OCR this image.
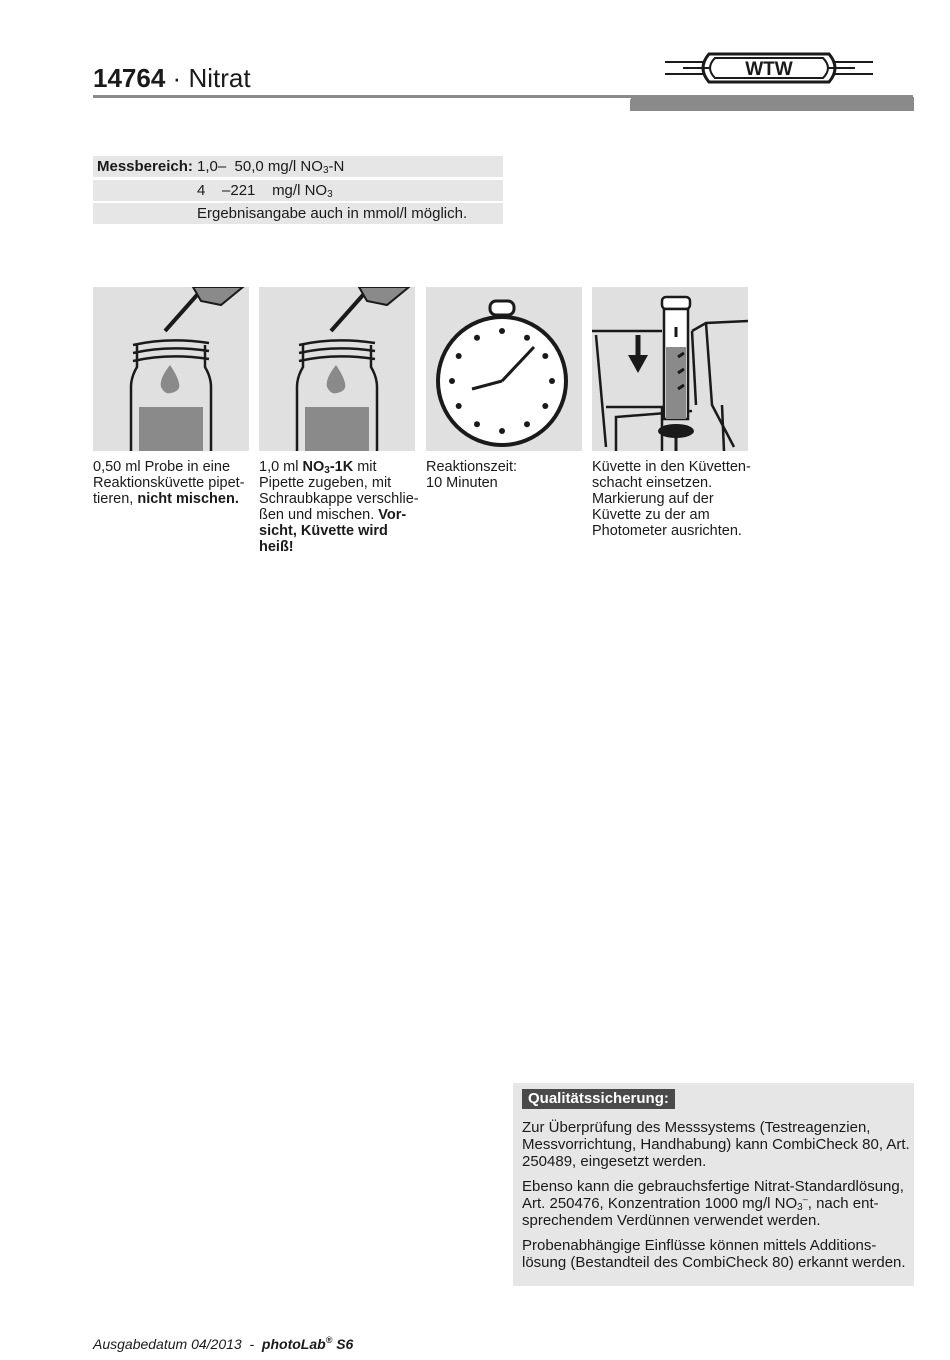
14764 · Nitrat	WTW
Messbereich: 1,0– 50,0 mg/l $NO_3-N$
4 –221 mg/l $NO_3$
Ergebnisangabe auch in mmol/l möglich.
0,50 ml Probe in eine Reaktionsküvette pipet-tieren, nicht mischen.
1,0 ml $NO_3-1K$ mit Pipette zugeben, mit Schraubkappe verschlie-ßen und mischen. Vor-sicht, Küvette wird heiß!
Reaktionszeit:
10 Minuten
Küvette in den Küvetten-schacht einsetzen. Markierung auf der Küvette zu der am Photometer ausrichten.
Qualitätssicherung:

Zur Überprüfung des Messsystems (Testreagenzien, Messvorrichtung, Handhabung) kann CombiCheck 80, Art. 250489, eingesetzt werden.

Ebenso kann die gebrauchsfertige Nitrat-Standardlösung, Art. 250476, Konzentration 1000 mg/l $NO_3^-$, nach ent-sprechendem Verdünnen verwendet werden.

Probenabhängige Einflüsse können mittels Additions-lösung (Bestandteil des CombiCheck 80) erkannt werden.

Ausgabedatum 04/2013 - photoLab® S6
